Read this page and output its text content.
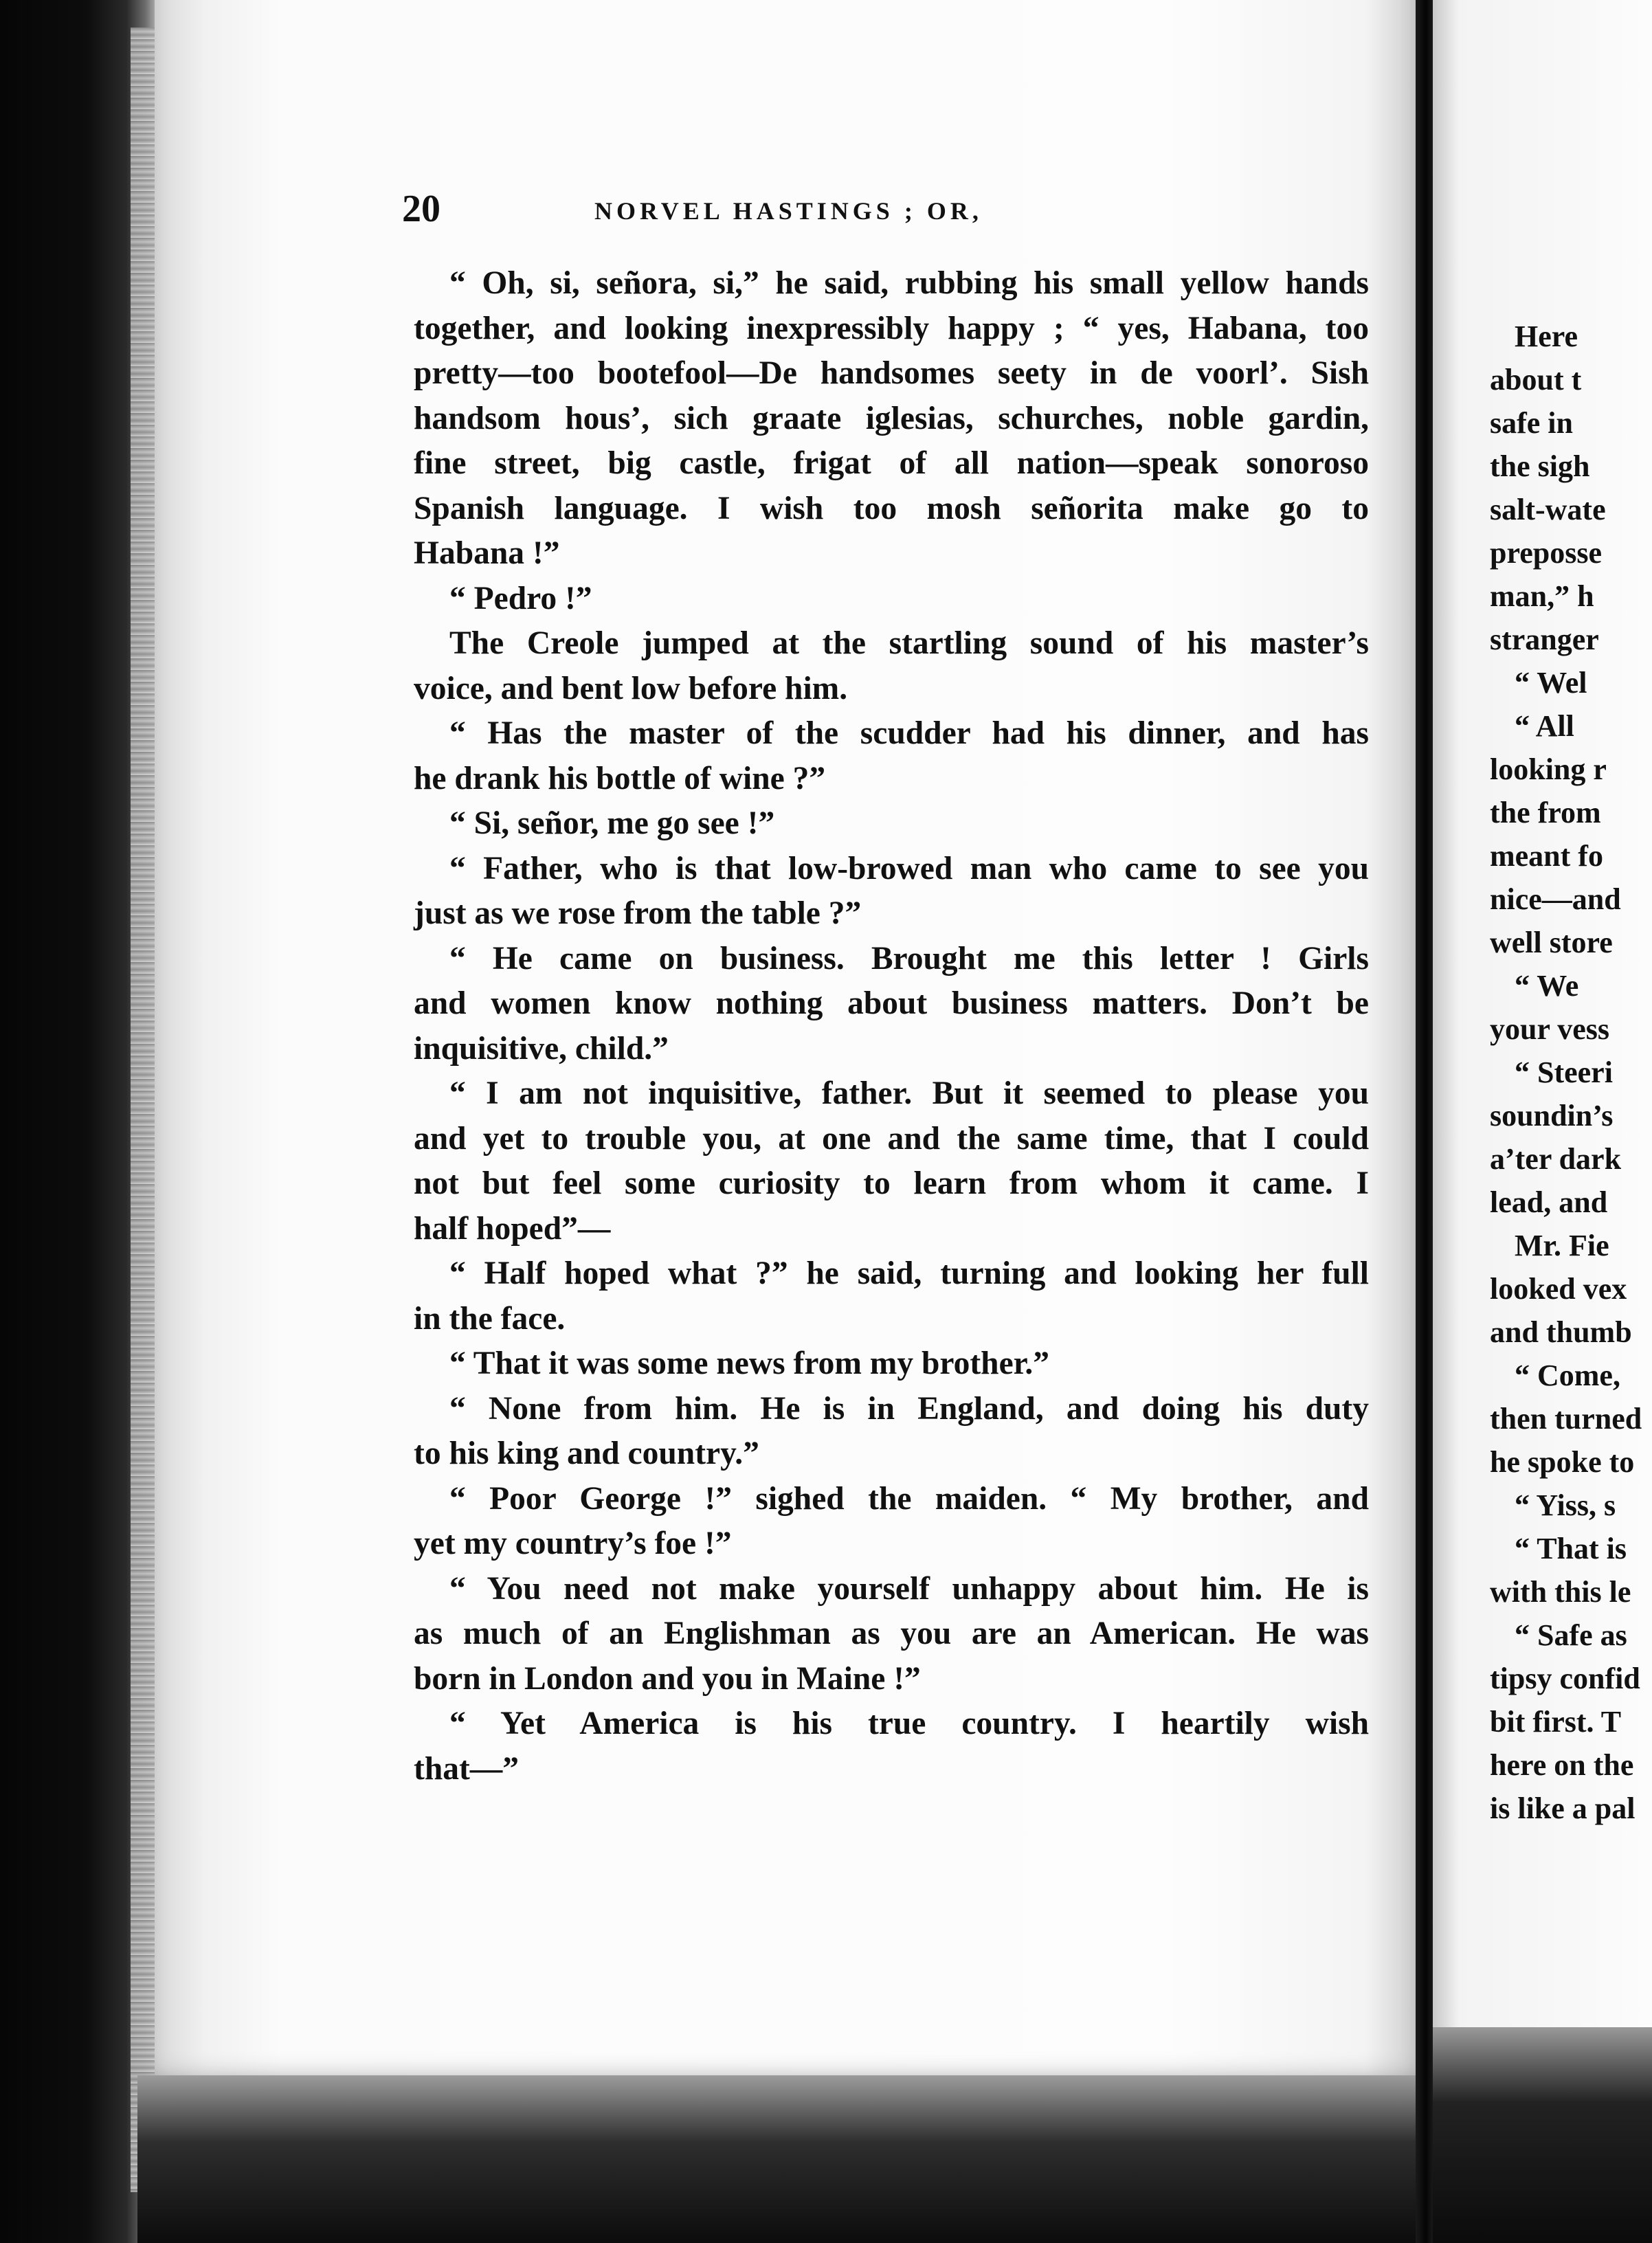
20	NORVEL HASTINGS ; OR,
“ Oh, si, señora, si,” he said, rubbing his small yellow hands
together, and looking inexpressibly happy ; “ yes, Habana, too
pretty—too bootefool—De handsomes seety in de voorl’. Sish
handsom hous’, sich graate iglesias, schurches, noble gardin,
fine street, big castle, frigat of all nation—speak sonoroso
Spanish language. I wish too mosh señorita make go to
Habana !”
“ Pedro !”
The Creole jumped at the startling sound of his master’s
voice, and bent low before him.
“ Has the master of the scudder had his dinner, and has
he drank his bottle of wine ?”
“ Si, señor, me go see !”
“ Father, who is that low-browed man who came to see you
just as we rose from the table ?”
“ He came on business. Brought me this letter ! Girls
and women know nothing about business matters. Don’t be
inquisitive, child.”
“ I am not inquisitive, father. But it seemed to please you
and yet to trouble you, at one and the same time, that I could
not but feel some curiosity to learn from whom it came. I
half hoped”—
“ Half hoped what ?” he said, turning and looking her full
in the face.
“ That it was some news from my brother.”
“ None from him. He is in England, and doing his duty
to his king and country.”
“ Poor George !” sighed the maiden. “ My brother, and
yet my country’s foe !”
“ You need not make yourself unhappy about him. He is
as much of an Englishman as you are an American. He was
born in London and you in Maine !”
“ Yet America is his true country. I heartily wish
that—”
Here
about t
safe in
the sigh
salt-wate
preposse
man,” h
stranger
“ Wel
“ All
looking r
the from
meant fo
nice—and
well store
“ We
your vess
“ Steeri
soundin’s
a’ter dark
lead, and
Mr. Fie
looked vex
and thumb
“ Come,
then turned
he spoke to
“ Yiss, s
“ That is
with this le
“ Safe as
tipsy confid
bit first. T
here on the
is like a pal
